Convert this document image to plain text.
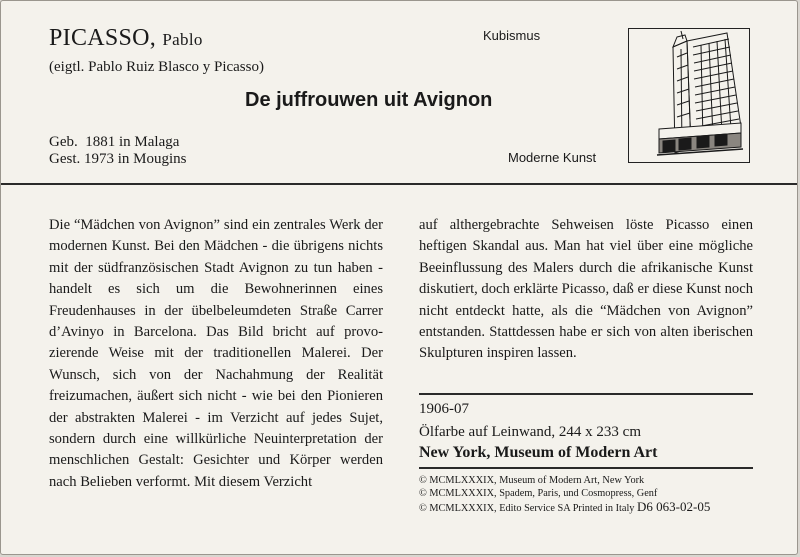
PICASSO, Pablo
(eigtl. Pablo Ruiz Blasco y Picasso)
Kubismus
De juffrouwen uit Avignon
Geb.  1881 in Malaga
Gest. 1973 in Mougins	Moderne Kunst

Die “Mädchen von Avignon” sind ein zentrales Werk der modernen Kunst. Bei den Mädchen - die übrigens nichts mit der südfranzösischen Stadt Avignon zu tun haben - handelt es sich um die Bewohnerinnen eines Freudenhauses in der übelbeleumdeten Straße Carrer d’Avinyo in Barcelona. Das Bild bricht auf provozierende Weise mit der traditionellen Malerei. Der Wunsch, sich von der Nachahmung der Realität freizumachen, äußert sich nicht - wie bei den Pionieren der abstrakten Malerei - im Verzicht auf jedes Sujet, sondern durch eine willkürliche Neuinterpretation der menschlichen Gestalt: Gesichter und Körper werden nach Belieben verformt. Mit diesem Verzicht

auf althergebrachte Sehweisen löste Picasso einen heftigen Skandal aus. Man hat viel über eine mögliche Beeinflussung des Malers durch die afrikanische Kunst diskutiert, doch erklärte Picasso, daß er diese Kunst noch nicht entdeckt hatte, als die “Mädchen von Avignon” entstanden. Stattdessen habe er sich von alten iberischen Skulpturen inspiren lassen.

1906-07
Ölfarbe auf Leinwand, 244 x 233 cm
New York, Museum of Modern Art
© MCMLXXXIX, Museum of Modern Art, New York
© MCMLXXXIX, Spadem, Paris, und Cosmopress, Genf
© MCMLXXXIX, Edito Service SA Printed in Italy D6 063-02-05
